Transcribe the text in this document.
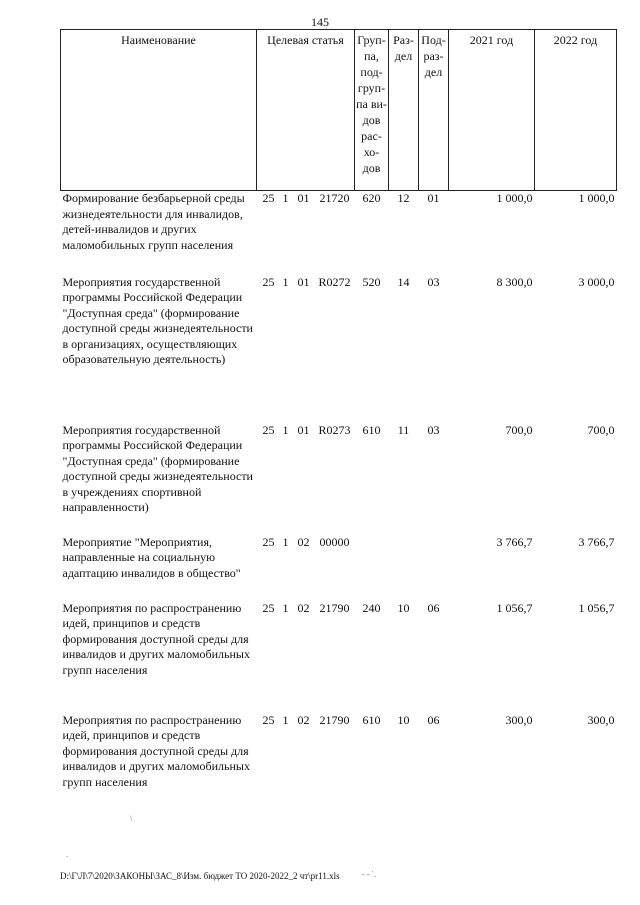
145
Наименование	Целевая статья	Груп-па, под-груп-па ви-дов рас-хо-дов	Раз-дел	Под-раз-дел	2021 год	2022 год
Формирование безбарьерной среды жизнедеятельности для инвалидов, детей-инвалидов и других маломобильных групп населения	25 1 01 21720	620	12	01	1 000,0	1 000,0
Мероприятия государственной программы Российской Федерации "Доступная среда" (формирование доступной среды жизнедеятельности в организациях, осуществляющих образовательную деятельность)	25 1 01 R0272	520	14	03	8 300,0	3 000,0
Мероприятия государственной программы Российской Федерации "Доступная среда" (формирование доступной среды жизнедеятельности в учреждениях спортивной направленности)	25 1 01 R0273	610	11	03	700,0	700,0
Мероприятие "Мероприятия, направленные на социальную адаптацию инвалидов в общество"	25 1 02 00000				3 766,7	3 766,7
Мероприятия по распространению идей, принципов и средств формирования доступной среды для инвалидов и других маломобильных групп населения	25 1 02 21790	240	10	06	1 056,7	1 056,7
Мероприятия по распространению идей, принципов и средств формирования доступной среды для инвалидов и других маломобильных групп населения	25 1 02 21790	610	10	06	300,0	300,0
\
.
- - `.
D:\Г\Л\7\2020\ЗАКОНЫ\ЗАС_8\Изм. бюджет ТО 2020-2022_2 чт\pr11.xls
